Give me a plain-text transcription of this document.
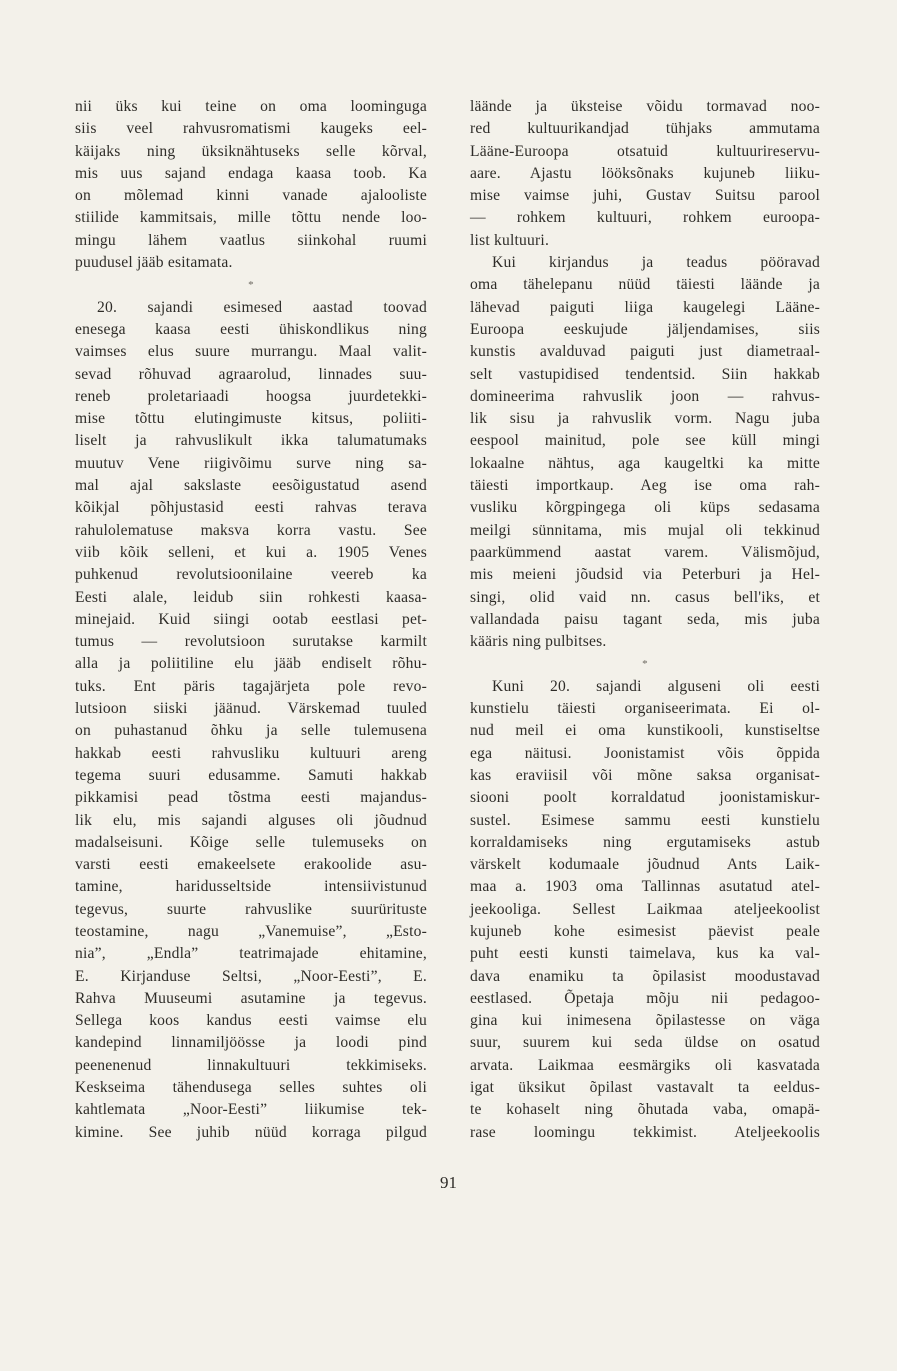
nii üks kui teine on oma loominguga
siis veel rahvusromatismi kaugeks eel-
käijaks ning üksiknähtuseks selle kõrval,
mis uus sajand endaga kaasa toob. Ka
on mõlemad kinni vanade ajalooliste
stiilide kammitsais, mille tõttu nende loo-
mingu lähem vaatlus siinkohal ruumi
puudusel jääb esitamata.
*
20. sajandi esimesed aastad toovad
enesega kaasa eesti ühiskondlikus ning
vaimses elus suure murrangu. Maal valit-
sevad rõhuvad agraarolud, linnades suu-
reneb proletariaadi hoogsa juurdetekki-
mise tõttu elutingimuste kitsus, poliiti-
liselt ja rahvuslikult ikka talumatumaks
muutuv Vene riigivõimu surve ning sa-
mal ajal sakslaste eesõigustatud asend
kõikjal põhjustasid eesti rahvas terava
rahulolematuse maksva korra vastu. See
viib kõik selleni, et kui a. 1905 Venes
puhkenud revolutsioonilaine veereb ka
Eesti alale, leidub siin rohkesti kaasa-
minejaid. Kuid siingi ootab eestlasi pet-
tumus — revolutsioon surutakse karmilt
alla ja poliitiline elu jääb endiselt rõhu-
tuks. Ent päris tagajärjeta pole revo-
lutsioon siiski jäänud. Värskemad tuuled
on puhastanud õhku ja selle tulemusena
hakkab eesti rahvusliku kultuuri areng
tegema suuri edusamme. Samuti hakkab
pikkamisi pead tõstma eesti majandus-
lik elu, mis sajandi alguses oli jõudnud
madalseisuni. Kõige selle tulemuseks on
varsti eesti emakeelsete erakoolide asu-
tamine, haridusseltside intensiivistunud
tegevus, suurte rahvuslike suurürituste
teostamine, nagu „Vanemuise”, „Esto-
nia”, „Endla” teatrimajade ehitamine,
E. Kirjanduse Seltsi, „Noor-Eesti”, E.
Rahva Muuseumi asutamine ja tegevus.
Sellega koos kandus eesti vaimse elu
kandepind linnamiljöösse ja loodi pind
peenenenud linnakultuuri tekkimiseks.
Keskseima tähendusega selles suhtes oli
kahtlemata „Noor-Eesti” liikumise tek-
kimine. See juhib nüüd korraga pilgud
läände ja üksteise võidu tormavad noo-
red kultuurikandjad tühjaks ammutama
Lääne-Euroopa otsatuid kultuurireservu-
aare. Ajastu lööksõnaks kujuneb liiku-
mise vaimse juhi, Gustav Suitsu parool
— rohkem kultuuri, rohkem euroopa-
list kultuuri.
Kui kirjandus ja teadus pööravad
oma tähelepanu nüüd täiesti läände ja
lähevad paiguti liiga kaugelegi Lääne-
Euroopa eeskujude jäljendamises, siis
kunstis avalduvad paiguti just diametraal-
selt vastupidised tendentsid. Siin hakkab
domineerima rahvuslik joon — rahvus-
lik sisu ja rahvuslik vorm. Nagu juba
eespool mainitud, pole see küll mingi
lokaalne nähtus, aga kaugeltki ka mitte
täiesti importkaup. Aeg ise oma rah-
vusliku kõrgpingega oli küps sedasama
meilgi sünnitama, mis mujal oli tekkinud
paarkümmend aastat varem. Välismõjud,
mis meieni jõudsid via Peterburi ja Hel-
singi, olid vaid nn. casus bell'iks, et
vallandada paisu tagant seda, mis juba
kääris ning pulbitses.
*
Kuni 20. sajandi alguseni oli eesti
kunstielu täiesti organiseerimata. Ei ol-
nud meil ei oma kunstikooli, kunstiseltse
ega näitusi. Joonistamist võis õppida
kas eraviisil või mõne saksa organisat-
siooni poolt korraldatud joonistamiskur-
sustel. Esimese sammu eesti kunstielu
korraldamiseks ning ergutamiseks astub
värskelt kodumaale jõudnud Ants Laik-
maa a. 1903 oma Tallinnas asutatud atel-
jeekooliga. Sellest Laikmaa ateljeekoolist
kujuneb kohe esimesist päevist peale
puht eesti kunsti taimelava, kus ka val-
dava enamiku ta õpilasist moodustavad
eestlased. Õpetaja mõju nii pedagoo-
gina kui inimesena õpilastesse on väga
suur, suurem kui seda üldse on osatud
arvata. Laikmaa eesmärgiks oli kasvatada
igat üksikut õpilast vastavalt ta eeldus-
te kohaselt ning õhutada vaba, omapä-
rase loomingu tekkimist. Ateljeekoolis
91
